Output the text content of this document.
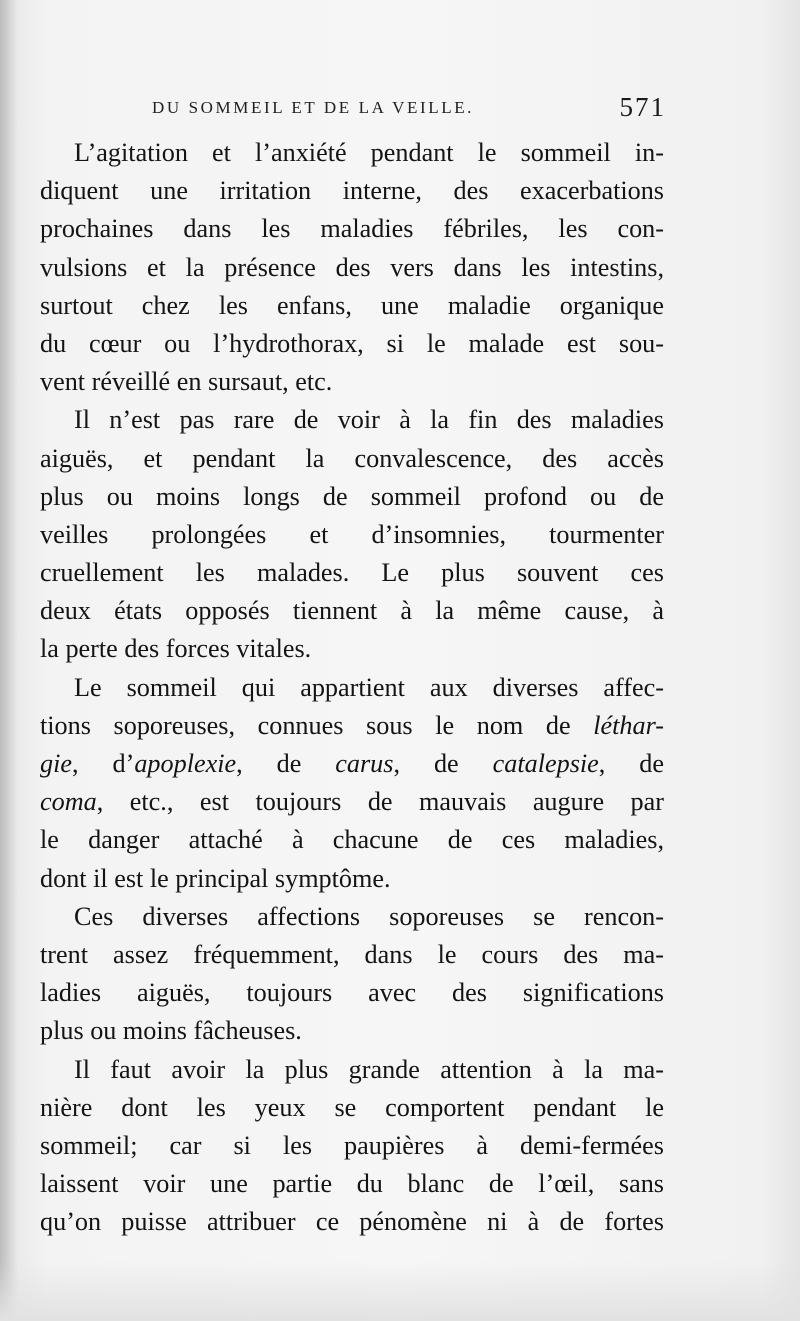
DU SOMMEIL ET DE LA VEILLE.	571
L’agitation et l’anxiété pendant le sommeil in-
diquent une irritation interne, des exacerbations
prochaines dans les maladies fébriles, les con-
vulsions et la présence des vers dans les intestins,
surtout chez les enfans, une maladie organique
du cœur ou l’hydrothorax, si le malade est sou-
vent réveillé en sursaut, etc.
Il n’est pas rare de voir à la fin des maladies
aiguës, et pendant la convalescence, des accès
plus ou moins longs de sommeil profond ou de
veilles prolongées et d’insomnies, tourmenter
cruellement les malades. Le plus souvent ces
deux états opposés tiennent à la même cause, à
la perte des forces vitales.
Le sommeil qui appartient aux diverses affec-
tions soporeuses, connues sous le nom de léthar-
gie, d’apoplexie, de carus, de catalepsie, de
coma, etc., est toujours de mauvais augure par
le danger attaché à chacune de ces maladies,
dont il est le principal symptôme.
Ces diverses affections soporeuses se rencon-
trent assez fréquemment, dans le cours des ma-
ladies aiguës, toujours avec des significations
plus ou moins fâcheuses.
Il faut avoir la plus grande attention à la ma-
nière dont les yeux se comportent pendant le
sommeil; car si les paupières à demi-fermées
laissent voir une partie du blanc de l’œil, sans
qu’on puisse attribuer ce pénomène ni à de fortes
